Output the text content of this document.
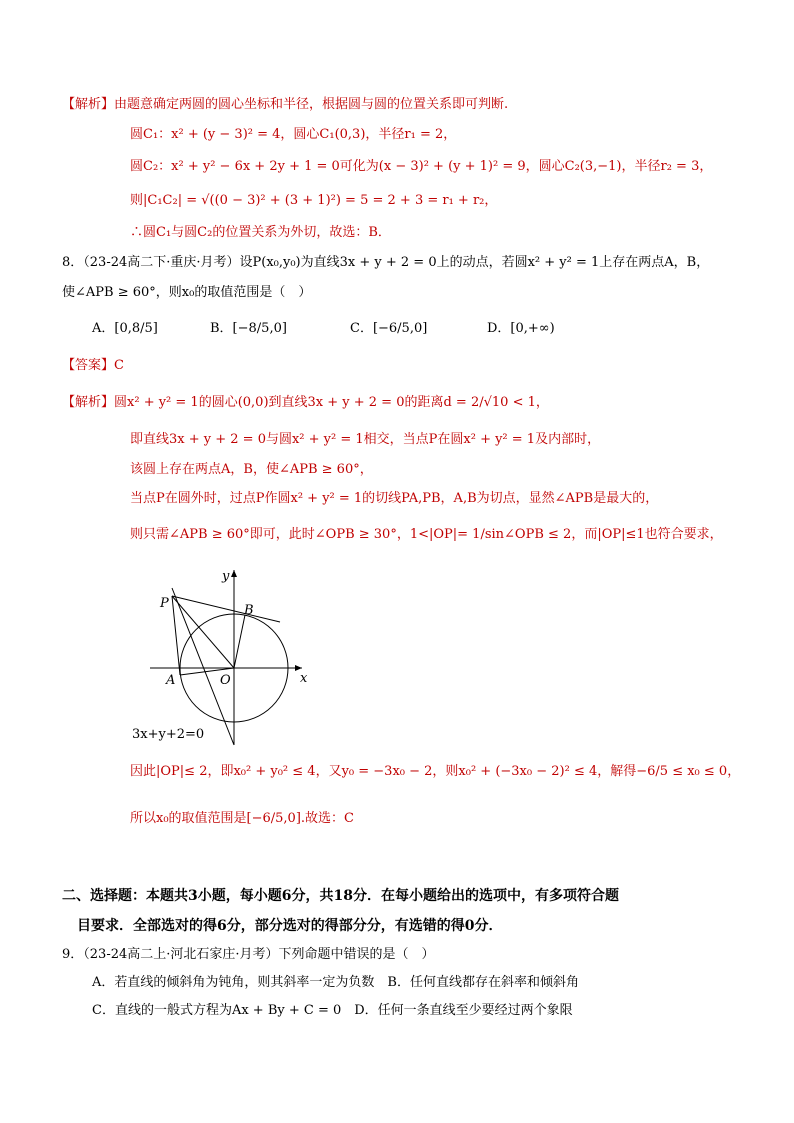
【解析】由题意确定两圆的圆心坐标和半径，根据圆与圆的位置关系即可判断.
圆C₁：x² + (y − 3)² = 4，圆心C₁(0,3)，半径r₁ = 2，
圆C₂：x² + y² − 6x + 2y + 1 = 0可化为(x − 3)² + (y + 1)² = 9，圆心C₂(3,−1)，半径r₂ = 3，
则|C₁C₂| = √((0 − 3)² + (3 + 1)²) = 5 = 2 + 3 = r₁ + r₂，
∴圆C₁与圆C₂的位置关系为外切，故选：B．
8．（23-24高二下·重庆·月考）设P(x₀,y₀)为直线3x + y + 2 = 0上的动点，若圆x² + y² = 1上存在两点A，B，
使∠APB ≥ 60°，则x₀的取值范围是（　）
A．[0,8/5]	B．[−8/5,0]	C．[−6/5,0]	D．[0,+∞)
【答案】C
【解析】圆x² + y² = 1的圆心(0,0)到直线3x + y + 2 = 0的距离d = 2/√10 < 1，
即直线3x + y + 2 = 0与圆x² + y² = 1相交，当点P在圆x² + y² = 1及内部时，
该圆上存在两点A，B，使∠APB ≥ 60°，
当点P在圆外时，过点P作圆x² + y² = 1的切线PA,PB，A,B为切点，显然∠APB是最大的，
则只需∠APB ≥ 60°即可，此时∠OPB ≥ 30°，1<|OP|= 1/sin∠OPB ≤ 2，而|OP|≤1也符合要求，
y
x
P	B
A	O
3x+y+2=0
因此|OP|≤ 2，即x₀² + y₀² ≤ 4，又y₀ = −3x₀ − 2，则x₀² + (−3x₀ − 2)² ≤ 4，解得−6/5 ≤ x₀ ≤ 0，
所以x₀的取值范围是[−6/5,0].故选：C
二、选择题：本题共3小题，每小题6分，共18分．在每小题给出的选项中，有多项符合题
目要求．全部选对的得6分，部分选对的得部分分，有选错的得0分．
9．（23-24高二上·河北石家庄·月考）下列命题中错误的是（　）
A．若直线的倾斜角为钝角，则其斜率一定为负数　B．任何直线都存在斜率和倾斜角
C．直线的一般式方程为Ax + By + C = 0　D．任何一条直线至少要经过两个象限
